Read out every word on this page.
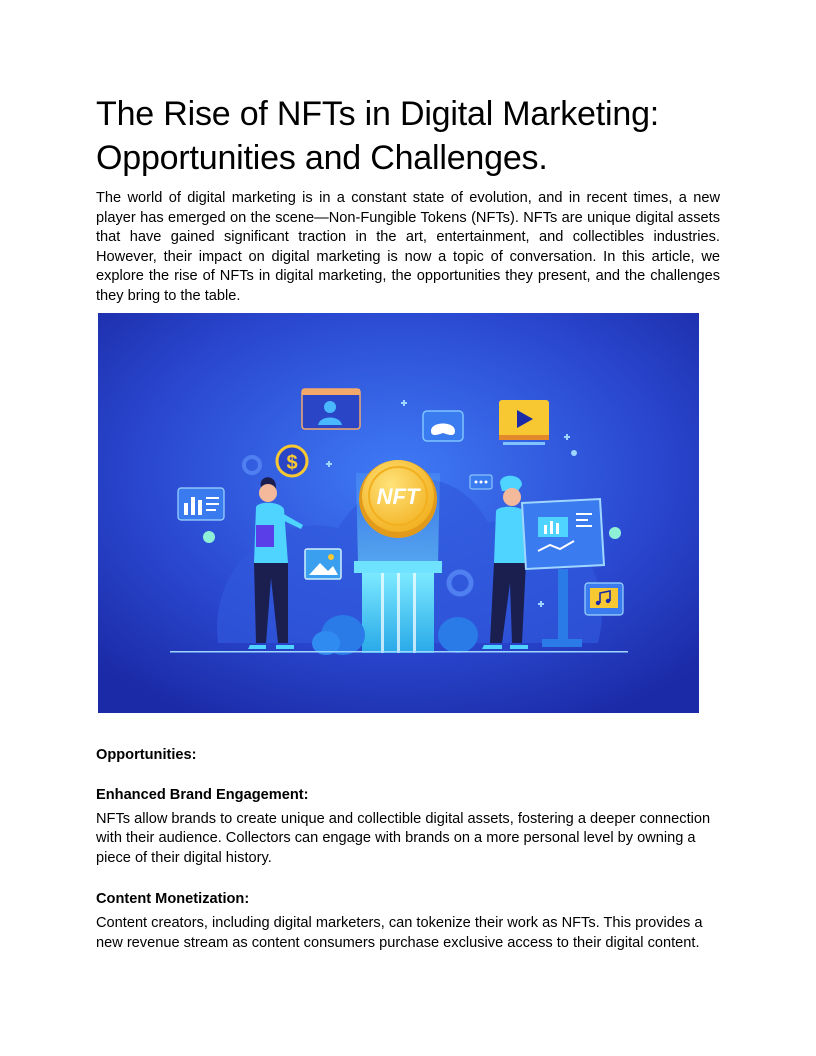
The Rise of NFTs in Digital Marketing: Opportunities and Challenges.

The world of digital marketing is in a constant state of evolution, and in recent times, a new player has emerged on the scene—Non-Fungible Tokens (NFTs). NFTs are unique digital assets that have gained significant traction in the art, entertainment, and collectibles industries. However, their impact on digital marketing is now a topic of conversation. In this article, we explore the rise of NFTs in digital marketing, the opportunities they present, and the challenges they bring to the table.

$
NFT
Opportunities:
Enhanced Brand Engagement:

NFTs allow brands to create unique and collectible digital assets, fostering a deeper connection with their audience. Collectors can engage with brands on a more personal level by owning a piece of their digital history.

Content Monetization:

Content creators, including digital marketers, can tokenize their work as NFTs. This provides a new revenue stream as content consumers purchase exclusive access to their digital content.
